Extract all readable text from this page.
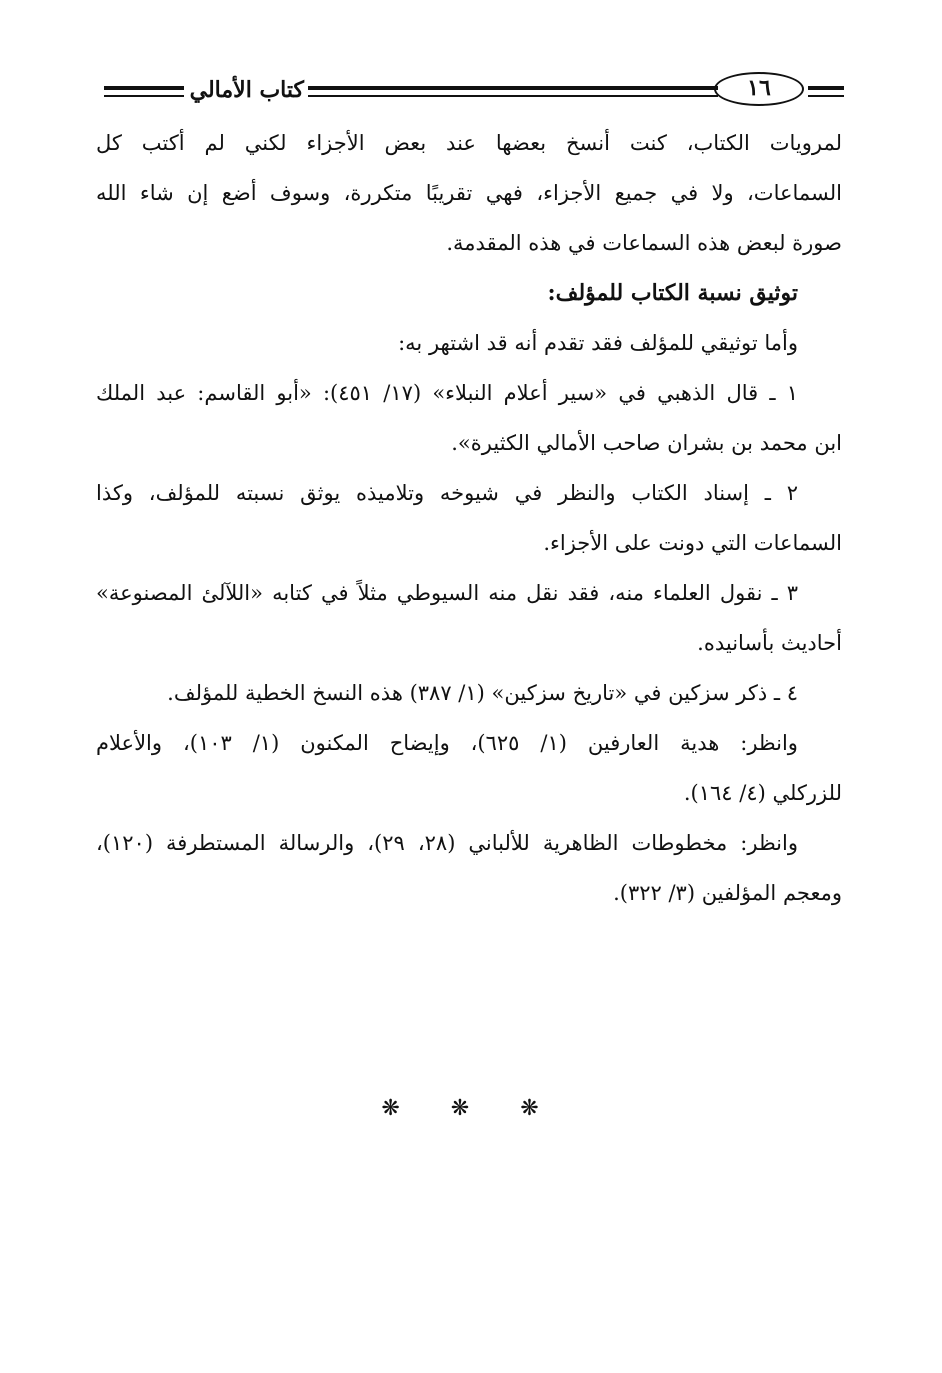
كتاب الأمالي	١٦
لمرويات الكتاب، كنت أنسخ بعضها عند بعض الأجزاء لكني لم أكتب كل
السماعات، ولا في جميع الأجزاء، فهي تقريبًا متكررة، وسوف أضع إن شاء الله
صورة لبعض هذه السماعات في هذه المقدمة.
توثيق نسبة الكتاب للمؤلف:
وأما توثيقي للمؤلف فقد تقدم أنه قد اشتهر به:
١ ـ قال الذهبي في «سير أعلام النبلاء» (١٧/ ٤٥١): «أبو القاسم: عبد الملك
ابن محمد بن بشران صاحب الأمالي الكثيرة».
٢ ـ إسناد الكتاب والنظر في شيوخه وتلاميذه يوثق نسبته للمؤلف، وكذا
السماعات التي دونت على الأجزاء.
٣ ـ نقول العلماء منه، فقد نقل منه السيوطي مثلاً في كتابه «اللآلئ المصنوعة»
أحاديث بأسانيده.
٤ ـ ذكر سزكين في «تاريخ سزكين» (١/ ٣٨٧) هذه النسخ الخطية للمؤلف.
وانظر: هدية العارفين (١/ ٦٢٥)، وإيضاح المكنون (١/ ١٠٣)، والأعلام
للزركلي (٤/ ١٦٤).
وانظر: مخطوطات الظاهرية للألباني (٢٨، ٢٩)، والرسالة المستطرفة (١٢٠)،
ومعجم المؤلفين (٣/ ٣٢٢).
❋ ❋ ❋
